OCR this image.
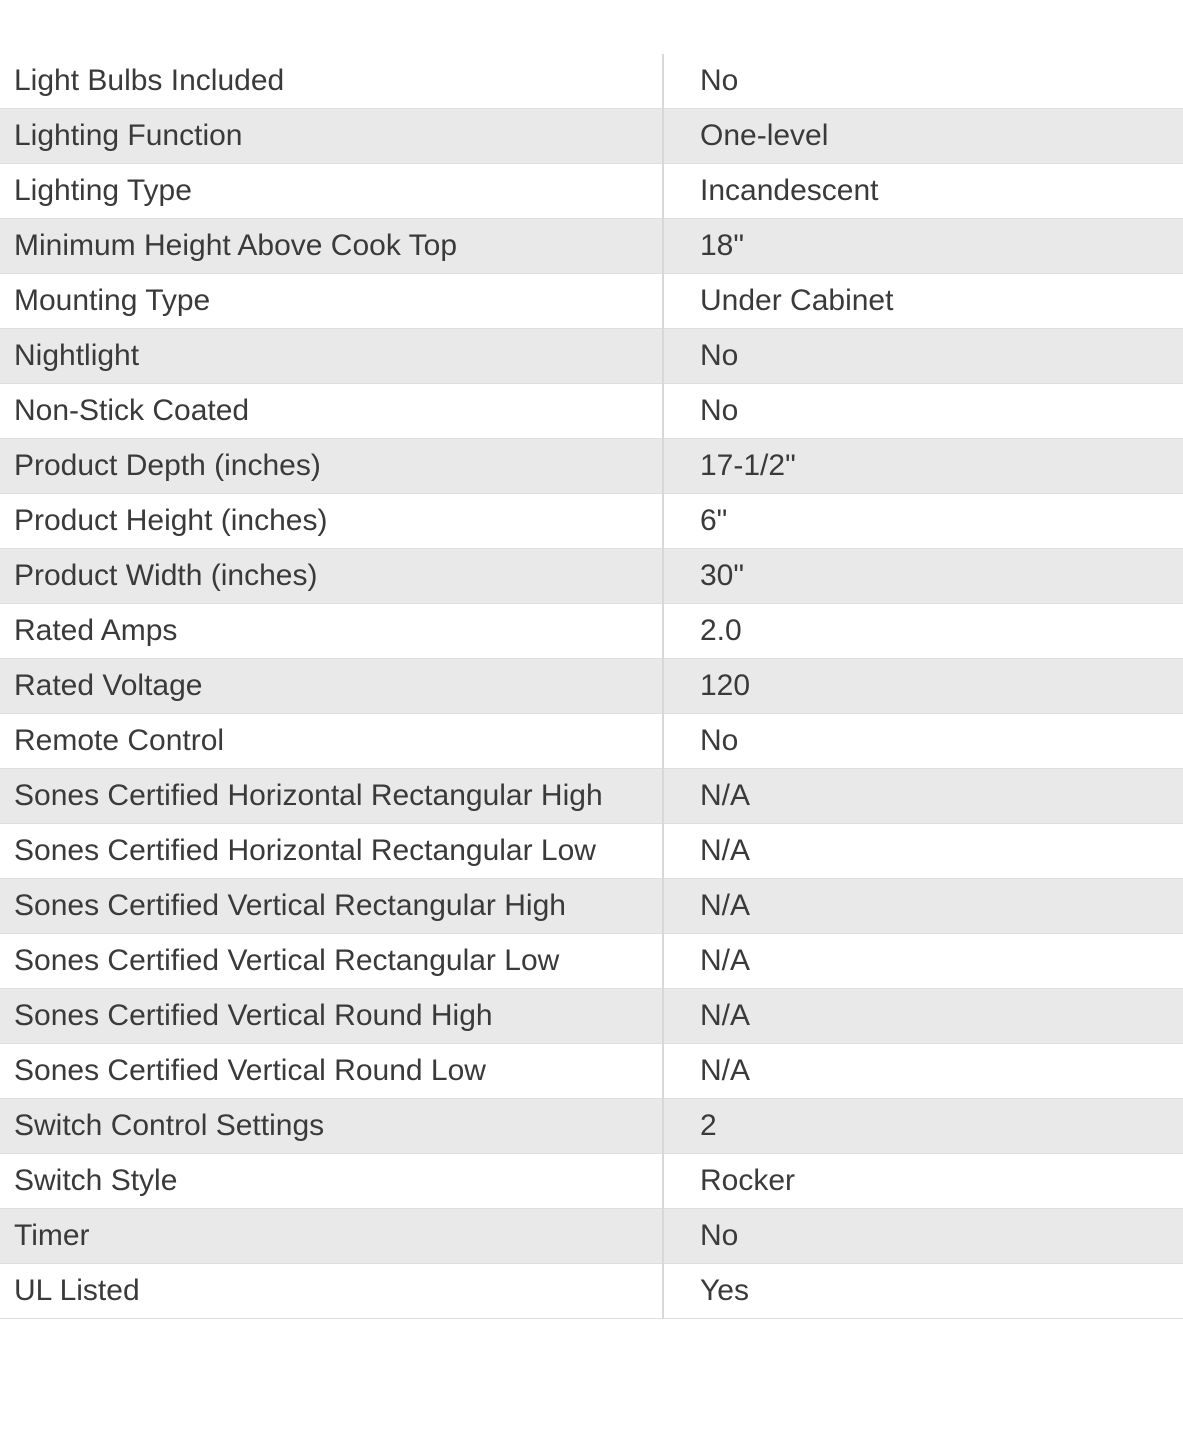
Light Bulbs Included	No
Lighting Function	One-level
Lighting Type	Incandescent
Minimum Height Above Cook Top	18"
Mounting Type	Under Cabinet
Nightlight	No
Non-Stick Coated	No
Product Depth (inches)	17-1/2"
Product Height (inches)	6"
Product Width (inches)	30"
Rated Amps	2.0
Rated Voltage	120
Remote Control	No
Sones Certified Horizontal Rectangular High	N/A
Sones Certified Horizontal Rectangular Low	N/A
Sones Certified Vertical Rectangular High	N/A
Sones Certified Vertical Rectangular Low	N/A
Sones Certified Vertical Round High	N/A
Sones Certified Vertical Round Low	N/A
Switch Control Settings	2
Switch Style	Rocker
Timer	No
UL Listed	Yes
